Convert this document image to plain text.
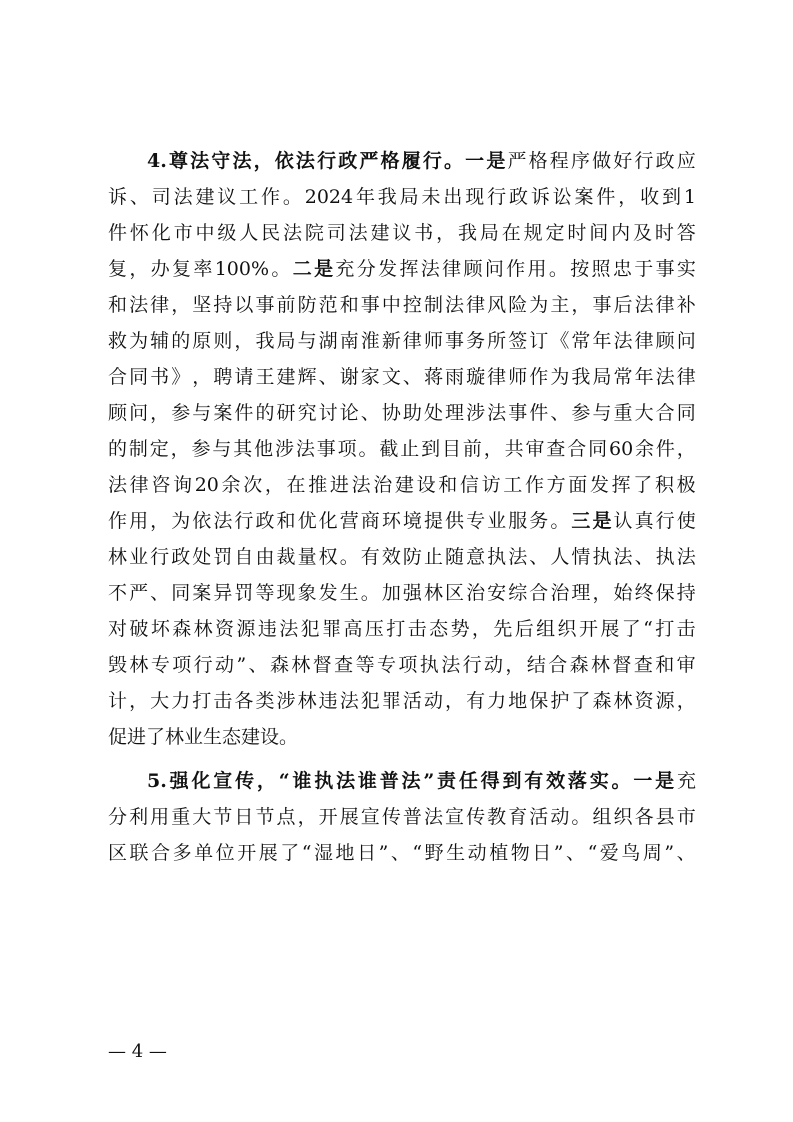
4. 尊 法 守 法 ， 依 法 行 政 严 格 履 行 。 一 是 严 格 程 序 做 好 行 政 应
诉 、 司 法 建 议 工 作 。 2024 年 我 局 未 出 现 行 政 诉 讼 案 件 ， 收 到 1
件 怀 化 市 中 级 人 民 法 院 司 法 建 议 书 ， 我 局 在 规 定 时 间 内 及 时 答
复 ， 办 复 率 100% 。 二 是 充 分 发 挥 法 律 顾 问 作 用 。 按 照 忠 于 事 实
和 法 律 ， 坚 持 以 事 前 防 范 和 事 中 控 制 法 律 风 险 为 主 ， 事 后 法 律 补
救 为 辅 的 原 则 ， 我 局 与 湖 南 淮 新 律 师 事 务 所 签 订 《 常 年 法 律 顾 问
合 同 书 》 ， 聘 请 王 建 辉 、 谢 家 文 、 蒋 雨 璇 律 师 作 为 我 局 常 年 法 律
顾 问 ， 参 与 案 件 的 研 究 讨 论 、 协 助 处 理 涉 法 事 件 、 参 与 重 大 合 同
的 制 定 ， 参 与 其 他 涉 法 事 项 。 截 止 到 目 前 ， 共 审 查 合 同 60 余 件 ，
法 律 咨 询 20 余 次 ， 在 推 进 法 治 建 设 和 信 访 工 作 方 面 发 挥 了 积 极
作 用 ， 为 依 法 行 政 和 优 化 营 商 环 境 提 供 专 业 服 务 。 三 是 认 真 行 使
林 业 行 政 处 罚 自 由 裁 量 权 。 有 效 防 止 随 意 执 法 、 人 情 执 法 、 执 法
不 严 、 同 案 异 罚 等 现 象 发 生 。 加 强 林 区 治 安 综 合 治 理 ， 始 终 保 持
对 破 坏 森 林 资 源 违 法 犯 罪 高 压 打 击 态 势 ， 先 后 组 织 开 展 了 “ 打 击
毁 林 专 项 行 动 ” 、 森 林 督 查 等 专 项 执 法 行 动 ， 结 合 森 林 督 查 和 审
计 ， 大 力 打 击 各 类 涉 林 违 法 犯 罪 活 动 ， 有 力 地 保 护 了 森 林 资 源 ，
促进了林业生态建设。
5. 强 化 宣 传 ， “ 谁 执 法 谁 普 法 ” 责 任 得 到 有 效 落 实 。 一 是 充
分 利 用 重 大 节 日 节 点 ， 开 展 宣 传 普 法 宣 传 教 育 活 动 。 组 织 各 县 市
区 联 合 多 单 位 开 展 了 “ 湿 地 日 ” 、 “ 野 生 动 植 物 日 ” 、 “ 爱 鸟 周 ” 、
— 4 —
